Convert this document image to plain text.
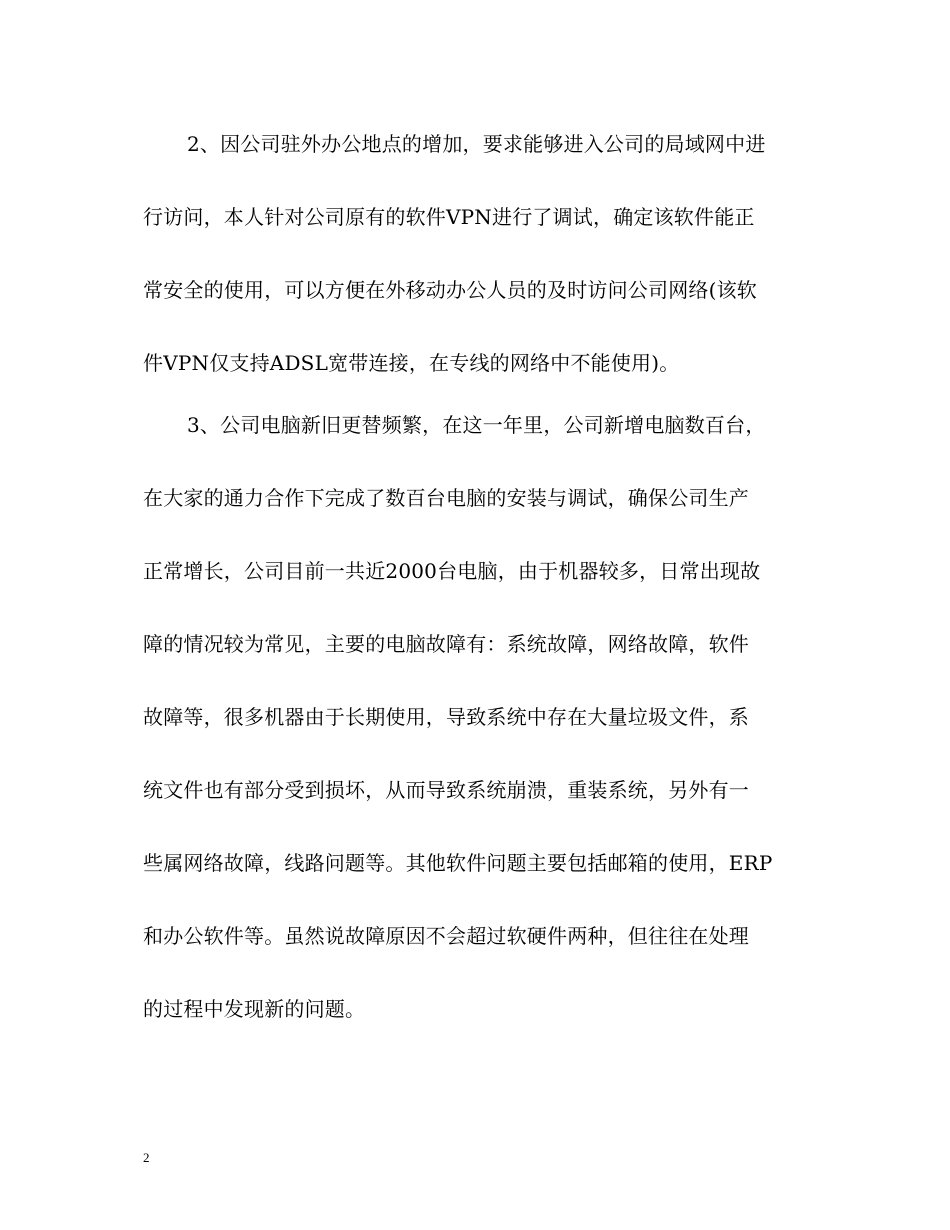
2、因公司驻外办公地点的增加，要求能够进入公司的局域网中进
行访问，本人针对公司原有的软件VPN进行了调试，确定该软件能正
常安全的使用，可以方便在外移动办公人员的及时访问公司网络(该软
件VPN仅支持ADSL宽带连接，在专线的网络中不能使用)。
3、公司电脑新旧更替频繁，在这一年里，公司新增电脑数百台，
在大家的通力合作下完成了数百台电脑的安装与调试，确保公司生产
正常增长，公司目前一共近2000台电脑，由于机器较多，日常出现故
障的情况较为常见，主要的电脑故障有：系统故障，网络故障，软件
故障等，很多机器由于长期使用，导致系统中存在大量垃圾文件，系
统文件也有部分受到损坏，从而导致系统崩溃，重装系统，另外有一
些属网络故障，线路问题等。其他软件问题主要包括邮箱的使用，ERP
和办公软件等。虽然说故障原因不会超过软硬件两种，但往往在处理
的过程中发现新的问题。
2
